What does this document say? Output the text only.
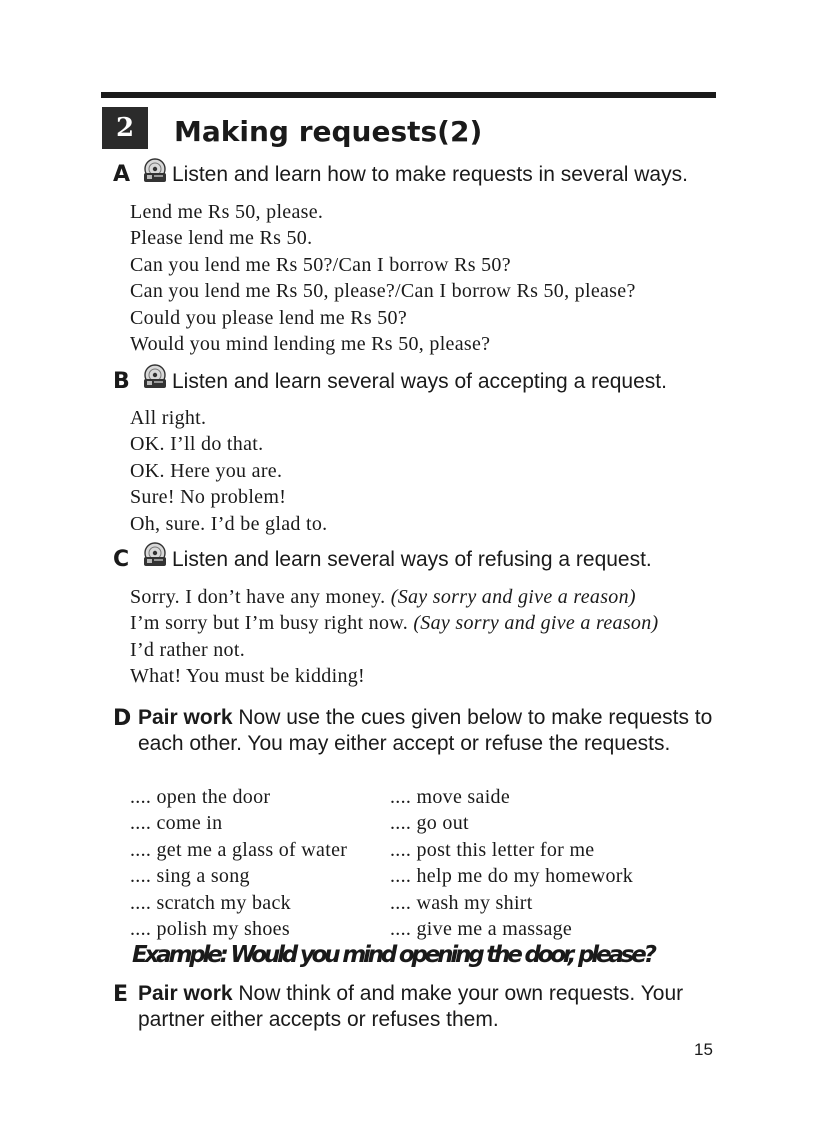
2	Making requests(2)
A Listen and learn how to make requests in several ways.
Lend me Rs 50, please.
Please lend me Rs 50.
Can you lend me Rs 50?/Can I borrow Rs 50?
Can you lend me Rs 50, please?/Can I borrow Rs 50, please?
Could you please lend me Rs 50?
Would you mind lending me Rs 50, please?
B Listen and learn several ways of accepting a request.
All right.
OK. I’ll do that.
OK. Here you are.
Sure! No problem!
Oh, sure. I’d be glad to.
C Listen and learn several ways of refusing a request.
Sorry. I don’t have any money. (Say sorry and give a reason)
I’m sorry but I’m busy right now. (Say sorry and give a reason)
I’d rather not.
What! You must be kidding!
D Pair work Now use the cues given below to make requests to each other. You may either accept or refuse the requests.
.... open the door
.... come in
.... get me a glass of water
.... sing a song
.... scratch my back
.... polish my shoes
.... move saide
.... go out
.... post this letter for me
.... help me do my homework
.... wash my shirt
.... give me a massage
Example: Would you mind opening the door, please?
E Pair work Now think of and make your own requests. Your partner either accepts or refuses them.
15
